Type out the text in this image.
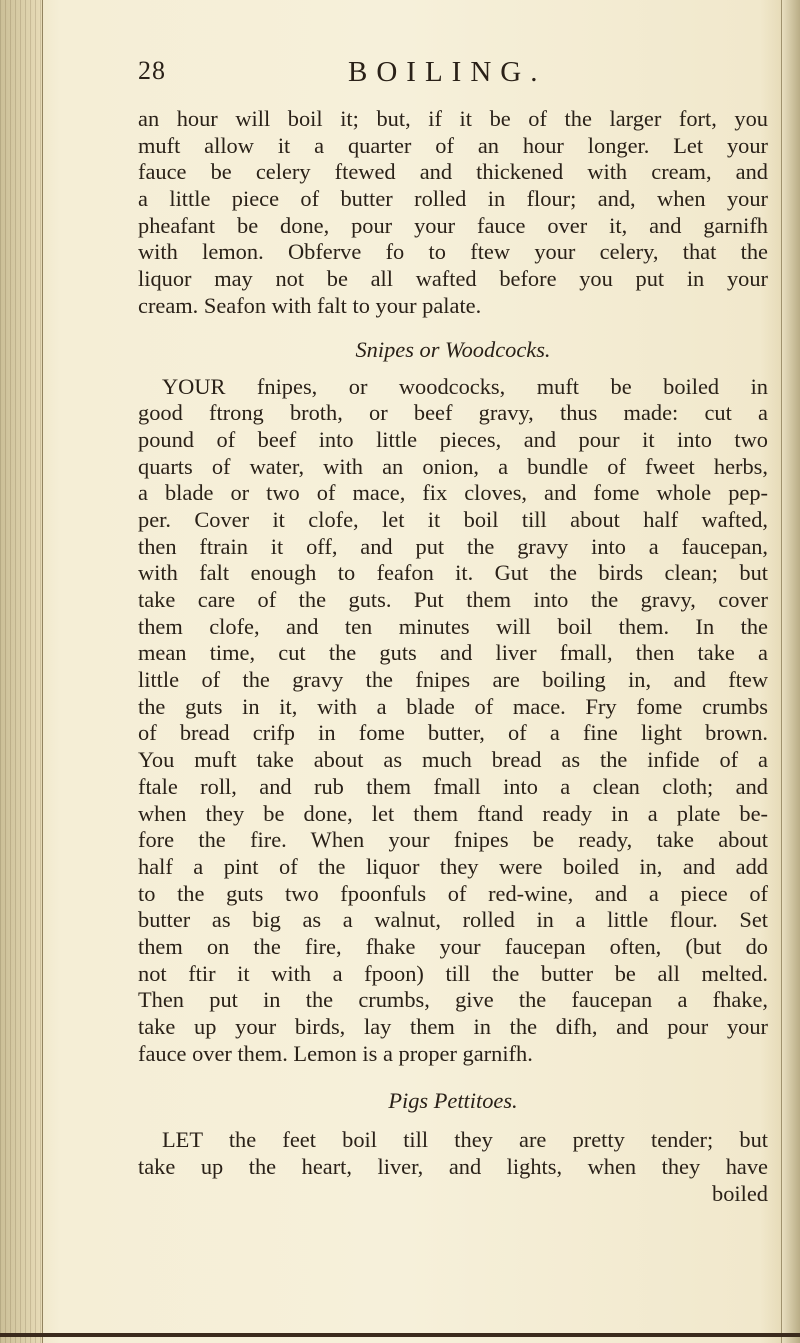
28	BOILING.
an hour will boil it; but, if it be of the larger fort, you
muft allow it a quarter of an hour longer. Let your
fauce be celery ftewed and thickened with cream, and
a little piece of butter rolled in flour; and, when your
pheafant be done, pour your fauce over it, and garnifh
with lemon. Obferve fo to ftew your celery, that the
liquor may not be all wafted before you put in your
cream. Seafon with falt to your palate.
Snipes or Woodcocks.
YOUR fnipes, or woodcocks, muft be boiled in
good ftrong broth, or beef gravy, thus made: cut a
pound of beef into little pieces, and pour it into two
quarts of water, with an onion, a bundle of fweet herbs,
a blade or two of mace, fix cloves, and fome whole pep-
per. Cover it clofe, let it boil till about half wafted,
then ftrain it off, and put the gravy into a faucepan,
with falt enough to feafon it. Gut the birds clean; but
take care of the guts. Put them into the gravy, cover
them clofe, and ten minutes will boil them. In the
mean time, cut the guts and liver fmall, then take a
little of the gravy the fnipes are boiling in, and ftew
the guts in it, with a blade of mace. Fry fome crumbs
of bread crifp in fome butter, of a fine light brown.
You muft take about as much bread as the infide of a
ftale roll, and rub them fmall into a clean cloth; and
when they be done, let them ftand ready in a plate be-
fore the fire. When your fnipes be ready, take about
half a pint of the liquor they were boiled in, and add
to the guts two fpoonfuls of red-wine, and a piece of
butter as big as a walnut, rolled in a little flour. Set
them on the fire, fhake your faucepan often, (but do
not ftir it with a fpoon) till the butter be all melted.
Then put in the crumbs, give the faucepan a fhake,
take up your birds, lay them in the difh, and pour your
fauce over them. Lemon is a proper garnifh.
Pigs Pettitoes.
LET the feet boil till they are pretty tender; but
take up the heart, liver, and lights, when they have
boiled
